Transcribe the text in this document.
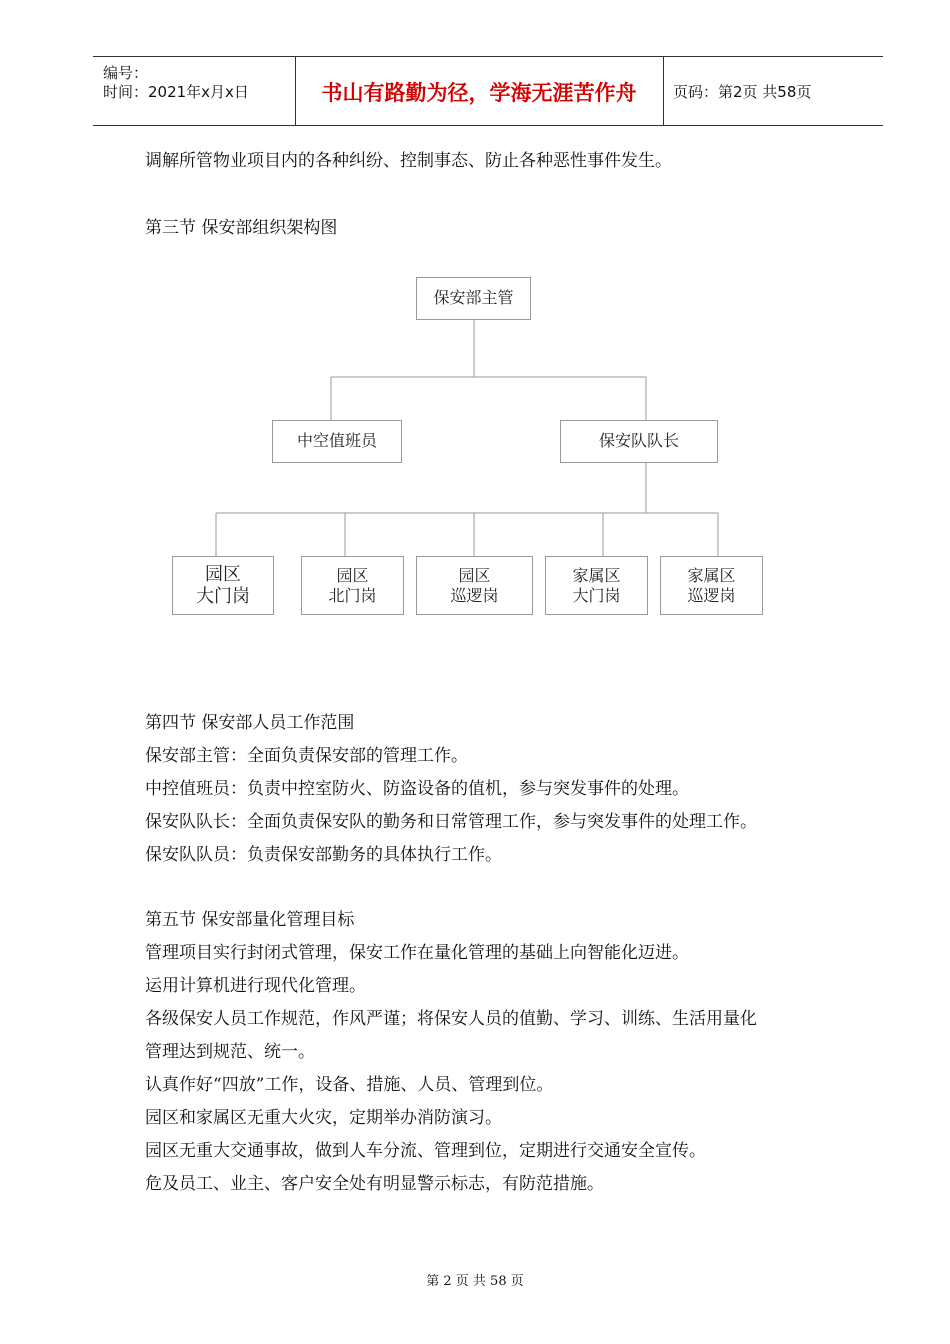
编号：
时间：2021年x月x日	书山有路勤为径，学海无涯苦作舟	页码：第2页 共58页
调解所管物业项目内的各种纠纷、控制事态、防止各种恶性事件发生。
第三节 保安部组织架构图
保安部主管
中空值班员	保安队队长
园区
大门岗
园区
北门岗
园区
巡逻岗
家属区
大门岗
家属区
巡逻岗
第四节 保安部人员工作范围
保安部主管：全面负责保安部的管理工作。
中控值班员：负责中控室防火、防盗设备的值机，参与突发事件的处理。
保安队队长：全面负责保安队的勤务和日常管理工作，参与突发事件的处理工作。
保安队队员：负责保安部勤务的具体执行工作。
第五节 保安部量化管理目标
管理项目实行封闭式管理，保安工作在量化管理的基础上向智能化迈进。
运用计算机进行现代化管理。
各级保安人员工作规范，作风严谨；将保安人员的值勤、学习、训练、生活用量化
管理达到规范、统一。
认真作好“四放”工作，设备、措施、人员、管理到位。
园区和家属区无重大火灾，定期举办消防演习。
园区无重大交通事故，做到人车分流、管理到位，定期进行交通安全宣传。
危及员工、业主、客户安全处有明显警示标志，有防范措施。
第 2 页 共 58 页
